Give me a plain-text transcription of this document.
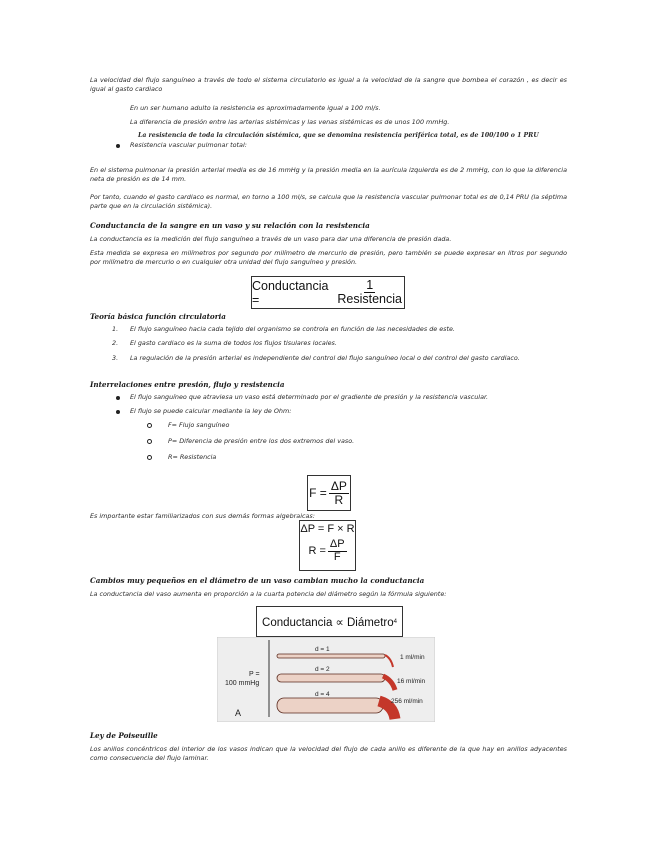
La velocidad del flujo sanguíneo a través de todo el sistema circulatorio es igual a la velocidad de la sangre que bombea el corazón , es decir es igual al gasto cardiaco
En un ser humano adulto la resistencia es aproximadamente igual a 100 ml/s.
La diferencia de presión entre las arterias sistémicas y las venas sistémicas es de unos 100 mmHg.
La resistencia de toda la circulación sistémica, que se denomina resistencia periférica total, es de 100/100 o 1 PRU
Resistencia vascular pulmonar total:
En el sistema pulmonar la presión arterial media es de 16 mmHg y la presión media en la aurícula izquierda es de 2 mmHg, con lo que la diferencia neta de presión es de 14 mm.
Por tanto, cuando el gasto cardiaco es normal, en torno a 100 ml/s, se calcula que la resistencia vascular pulmonar total es de 0,14 PRU (la séptima parte que en la circulación sistémica).
Conductancia de la sangre en un vaso y su relación con la resistencia
La conductancia es la medición del flujo sanguíneo a través de un vaso para dar una diferencia de presión dada.
Esta medida se expresa en milímetros por segundo por milímetro de mercurio de presión, pero también se puede expresar en litros por segundo por milímetro de mercurio o en cualquier otra unidad del flujo sanguíneo y presión.
Conductancia =	$\frac{1}{\text{Resistencia}}$
Teoría básica función circulatoria
1. El flujo sanguíneo hacia cada tejido del organismo se controla en función de las necesidades de este.
2. El gasto cardiaco es la suma de todos los flujos tisulares locales.
3. La regulación de la presión arterial es independiente del control del flujo sanguíneo local o del control del gasto cardiaco.
Interrelaciones entre presión, flujo y resistencia
El flujo sanguíneo que atraviesa un vaso está determinado por el gradiente de presión y la resistencia vascular.
El flujo se puede calcular mediante la ley de Ohm:
F= Flujo sanguíneo
P= Diferencia de presión entre los dos extremos del vaso.
R= Resistencia
$F = \frac{\Delta P}{R}$
Es importante estar familiarizados con sus demás formas algebraicas:
ΔP = F × R
$R = \frac{\Delta P}{F}$
Cambios muy pequeños en el diámetro de un vaso cambian mucho la conductancia
La conductancia del vaso aumenta en proporción a la cuarta potencia del diámetro según la fórmula siguiente:
Conductancia ∝ Diámetro 4
P =
100 mmHg
A
d = 1
1 ml/min
d = 2
16 ml/min
d = 4
256 ml/min
Ley de Poiseuille
Los anillos concéntricos del interior de los vasos indican que la velocidad del flujo de cada anillo es diferente de la que hay en anillos adyacentes como consecuencia del flujo laminar.
